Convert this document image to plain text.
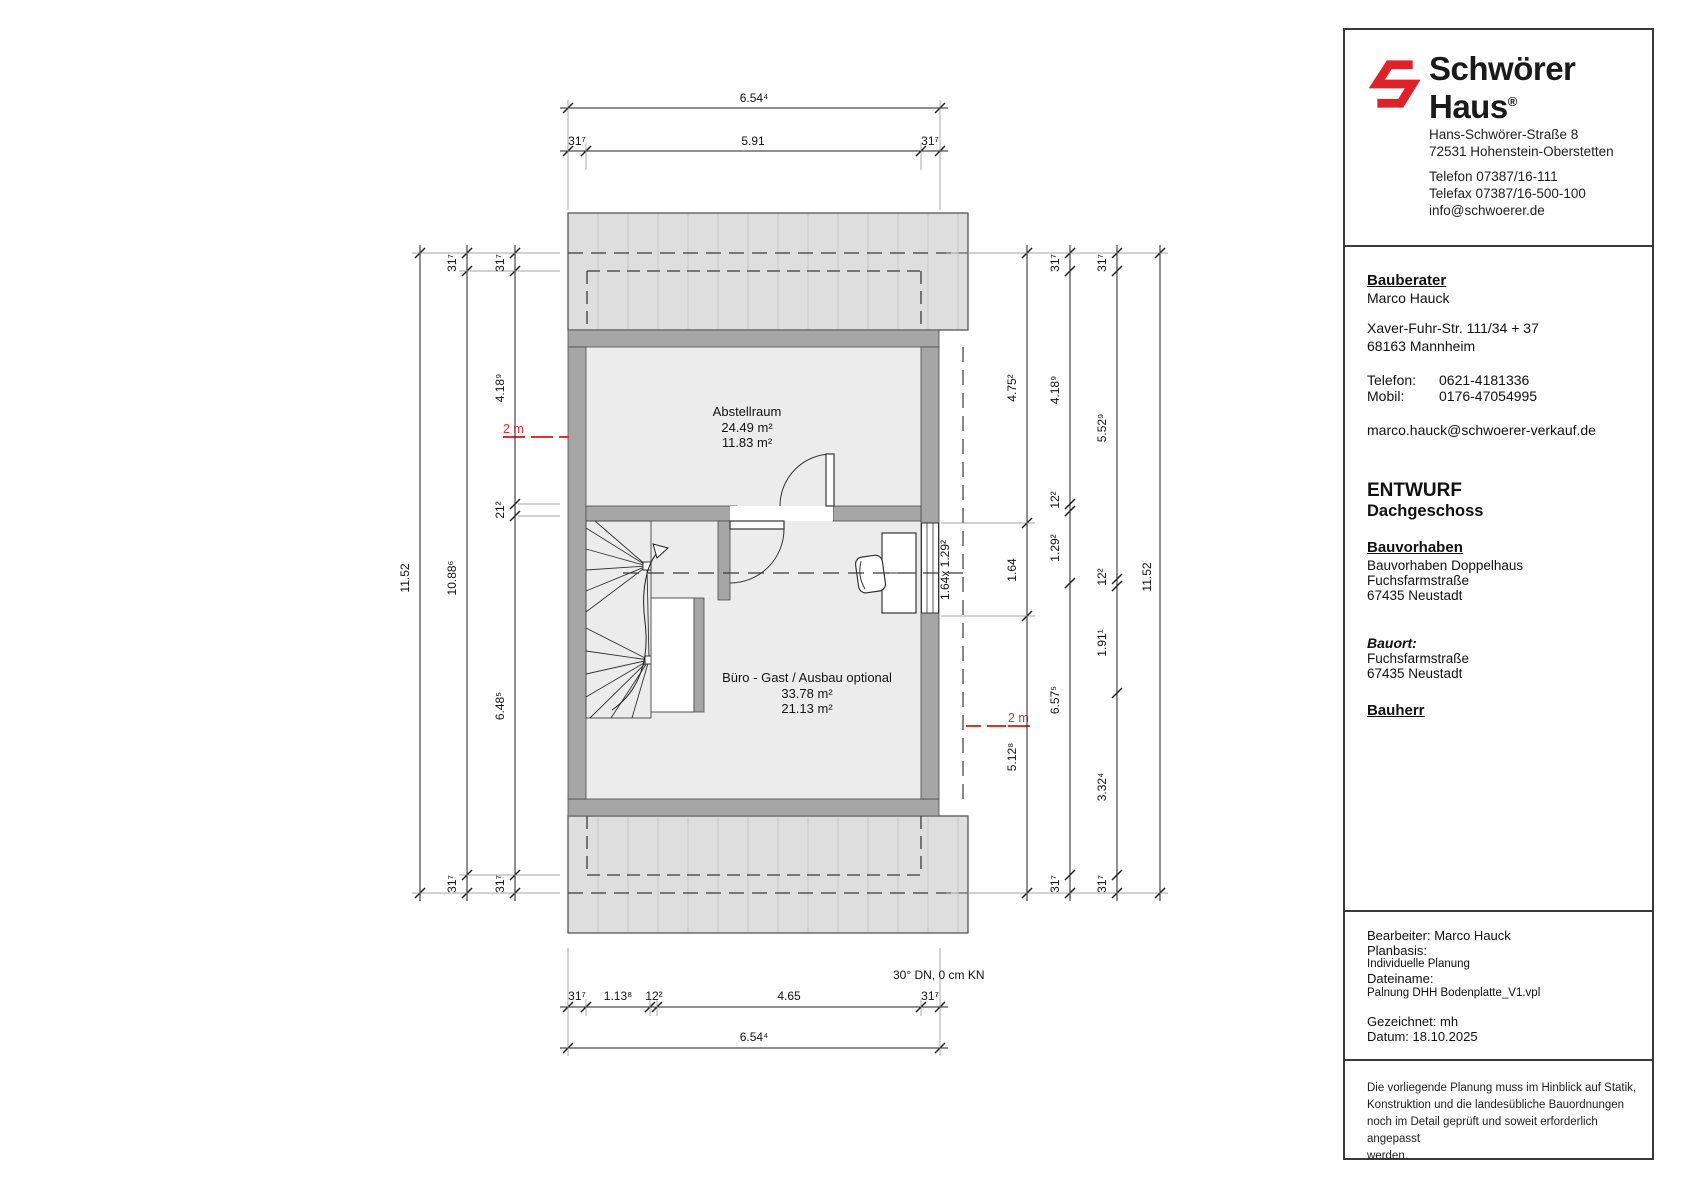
1.64x 1.29²
2 m
2 m
Abstellraum
24.49 m²
11.83 m²
Büro - Gast / Ausbau optional
33.78 m²
21.13 m²
6.54⁴
31⁷	5.91	31⁷
31⁷ 1.13⁸ 12²	4.65	31⁷
6.54⁴
30° DN, 0 cm KN
11.52
31⁷
10.88⁶
31⁷
31⁷
4.18⁹
21²
6.48⁵
31⁷
4.75²
1.64
5.12⁸
31⁷
4.18⁹
12²
1.29²
6.57⁵
31⁷
31⁷
5.52⁹
12²
1.91¹
3.32⁴
31⁷
11.52
Schwörer
Haus®
Hans-Schwörer-Straße 8
72531 Hohenstein-Oberstetten
Telefon 07387/16-111
Telefax 07387/16-500-100
info@schwoerer.de
Bauberater
Marco Hauck
Xaver-Fuhr-Str. 111/34 + 37
68163 Mannheim
Telefon: 0621-4181336
Mobil: 0176-47054995
marco.hauck@schwoerer-verkauf.de
ENTWURF
Dachgeschoss
Bauvorhaben
Bauvorhaben Doppelhaus
Fuchsfarmstraße
67435 Neustadt
Bauort:
Fuchsfarmstraße
67435 Neustadt
Bauherr
Bearbeiter: Marco Hauck
Planbasis:
Individuelle Planung
Dateiname:
Palnung DHH Bodenplatte_V1.vpl
Gezeichnet: mh
Datum: 18.10.2025
Die vorliegende Planung muss im Hinblick auf Statik,
Konstruktion und die landesübliche Bauordnungen
noch im Detail geprüft und soweit erforderlich angepasst
werden.
